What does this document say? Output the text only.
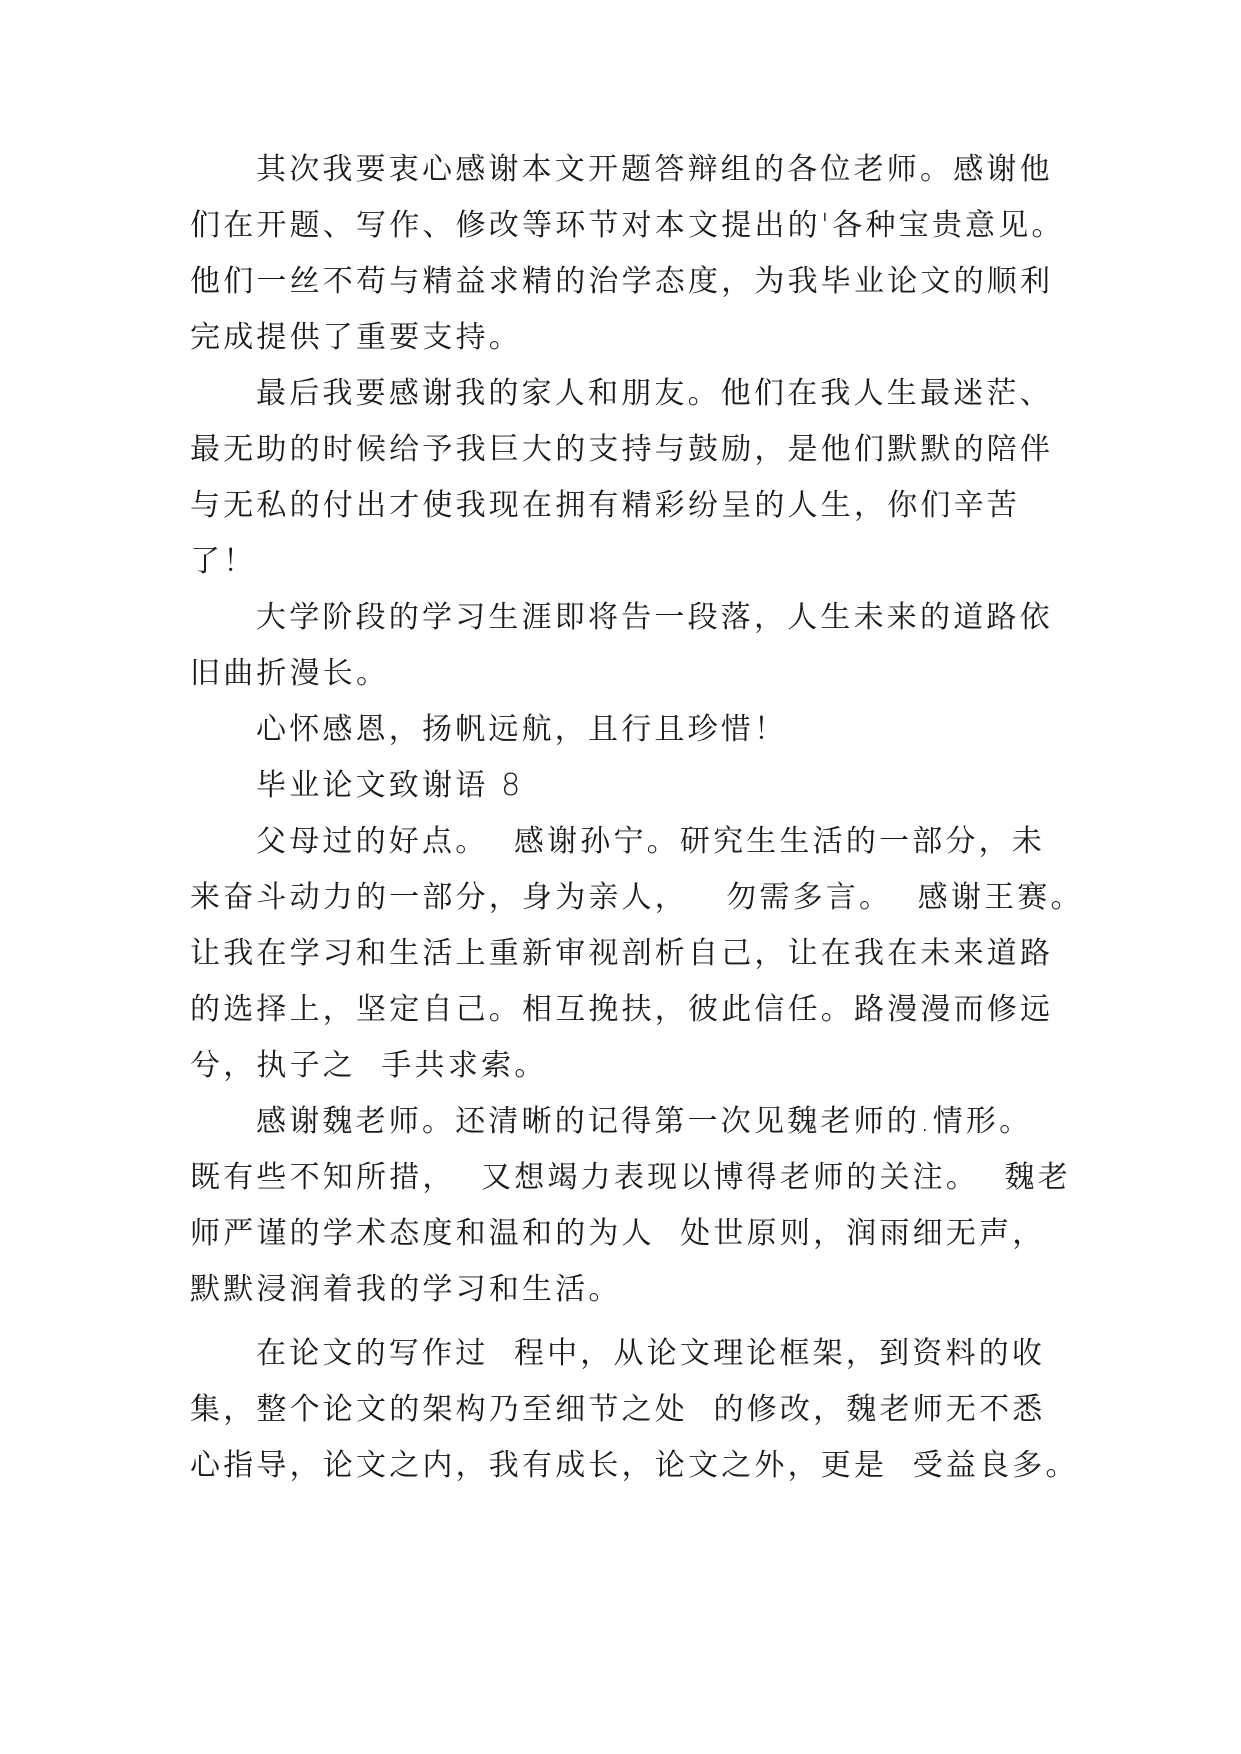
其次我要衷心感谢本文开题答辩组的各位老师。感谢他
们在开题、写作、修改等环节对本文提出的'各种宝贵意见。
他们一丝不苟与精益求精的治学态度，为我毕业论文的顺利
完成提供了重要支持。
最后我要感谢我的家人和朋友。他们在我人生最迷茫、
最无助的时候给予我巨大的支持与鼓励，是他们默默的陪伴
与无私的付出才使我现在拥有精彩纷呈的人生，你们辛苦
了！
大学阶段的学习生涯即将告一段落，人生未来的道路依
旧曲折漫长。
心怀感恩，扬帆远航，且行且珍惜！
毕业论文致谢语 8
父母过的好点。  感谢孙宁。研究生生活的一部分，未
来奋斗动力的一部分，身为亲人，   勿需多言。  感谢王赛。
让我在学习和生活上重新审视剖析自己，让在我在未来道路
的选择上，坚定自己。相互挽扶，彼此信任。路漫漫而修远
兮，执子之  手共求索。
感谢魏老师。还清晰的记得第一次见魏老师的.情形。
既有些不知所措，  又想竭力表现以博得老师的关注。  魏老
师严谨的学术态度和温和的为人  处世原则，润雨细无声，
默默浸润着我的学习和生活。
在论文的写作过  程中，从论文理论框架，到资料的收
集，整个论文的架构乃至细节之处  的修改，魏老师无不悉
心指导，论文之内，我有成长，论文之外，更是  受益良多。
